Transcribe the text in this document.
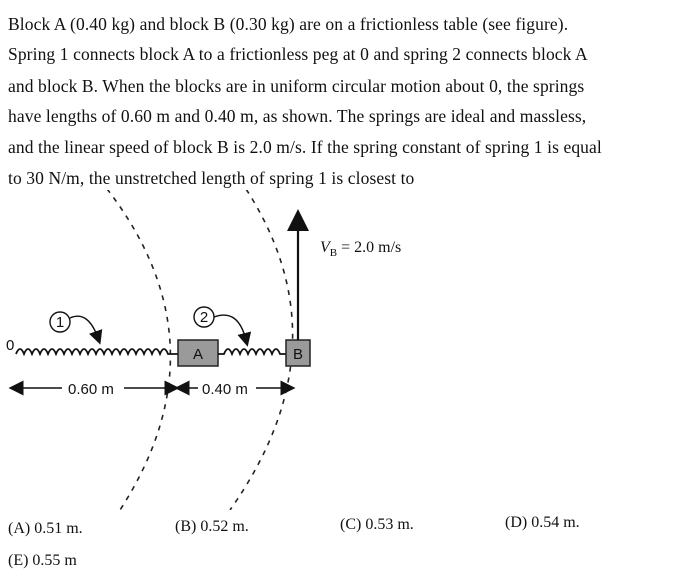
Block A (0.40 kg) and block B (0.30 kg) are on a frictionless table (see figure).
Spring 1 connects block A to a frictionless peg at 0 and spring 2 connects block A
and block B. When the blocks are in uniform circular motion about 0, the springs
have lengths of 0.60 m and 0.40 m, as shown. The springs are ideal and massless,
and the linear speed of block B is 2.0 m/s. If the spring constant of spring 1 is equal
to 30 N/m, the unstretched length of spring 1 is closest to
0
A	B
$V_B = 2.0$ m/s
1	2
0.60 m	0.40 m
(A) 0.51 m.	(B) 0.52 m.	(C) 0.53 m.	(D) 0.54 m.
(E) 0.55 m
